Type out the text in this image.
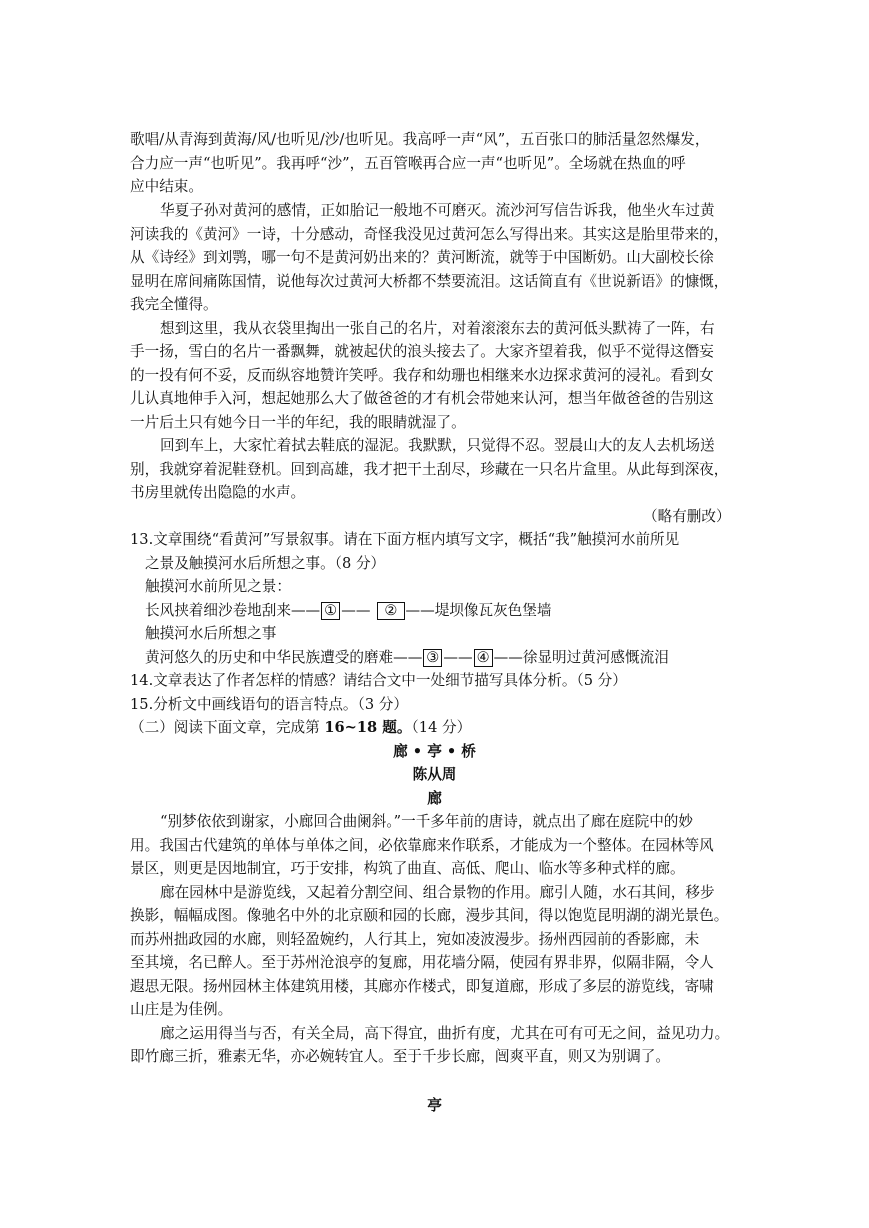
歌唱/从青海到黄海/风/也听见/沙/也听见。我高呼一声“风”，五百张口的肺活量忽然爆发，
合力应一声“也听见”。我再呼“沙”，五百管喉再合应一声“也听见”。全场就在热血的呼
应中结束。
华夏子孙对黄河的感情，正如胎记一般地不可磨灭。流沙河写信告诉我，他坐火车过黄
河读我的《黄河》一诗，十分感动，奇怪我没见过黄河怎么写得出来。其实这是胎里带来的，
从《诗经》到刘鹗，哪一句不是黄河奶出来的？黄河断流，就等于中国断奶。山大副校长徐
显明在席间痛陈国情，说他每次过黄河大桥都不禁要流泪。这话简直有《世说新语》的慷慨，
我完全懂得。
想到这里，我从衣袋里掏出一张自己的名片，对着滚滚东去的黄河低头默祷了一阵，右
手一扬，雪白的名片一番飘舞，就被起伏的浪头接去了。大家齐望着我，似乎不觉得这僭妄
的一投有何不妥，反而纵容地赞许笑呼。我存和幼珊也相继来水边探求黄河的浸礼。看到女
儿认真地伸手入河，想起她那么大了做爸爸的才有机会带她来认河，想当年做爸爸的告别这
一片后土只有她今日一半的年纪，我的眼睛就湿了。
回到车上，大家忙着拭去鞋底的湿泥。我默默，只觉得不忍。翌晨山大的友人去机场送
别，我就穿着泥鞋登机。回到高雄，我才把干土刮尽，珍藏在一只名片盒里。从此每到深夜，
书房里就传出隐隐的水声。
（略有删改）
13.文章围绕“看黄河”写景叙事。请在下面方框内填写文字，概括“我”触摸河水前所见
之景及触摸河水后所想之事。（8 分）
触摸河水前所见之景：
长风挟着细沙卷地刮来—— ① —— ② ——堤坝像瓦灰色堡墙
触摸河水后所想之事
黄河悠久的历史和中华民族遭受的磨难—— ③ —— ④ ——徐显明过黄河感慨流泪
14.文章表达了作者怎样的情感？请结合文中一处细节描写具体分析。（5 分）
15.分析文中画线语句的语言特点。（3 分）
（二）阅读下面文章，完成第 16~18 题。（14 分）
廊 • 亭 • 桥
陈从周
廊
“别梦依依到谢家，小廊回合曲阑斜。”一千多年前的唐诗，就点出了廊在庭院中的妙
用。我国古代建筑的单体与单体之间，必依靠廊来作联系，才能成为一个整体。在园林等风
景区，则更是因地制宜，巧于安排，构筑了曲直、高低、爬山、临水等多种式样的廊。
廊在园林中是游览线，又起着分割空间、组合景物的作用。廊引人随，水石其间，移步
换影，幅幅成图。像驰名中外的北京颐和园的长廊，漫步其间，得以饱览昆明湖的湖光景色。
而苏州拙政园的水廊，则轻盈婉约，人行其上，宛如凌波漫步。扬州西园前的香影廊，未
至其境，名已醉人。至于苏州沧浪亭的复廊，用花墙分隔，使园有界非界，似隔非隔，令人
遐思无限。扬州园林主体建筑用楼，其廊亦作楼式，即复道廊，形成了多层的游览线，寄啸
山庄是为佳例。
廊之运用得当与否，有关全局，高下得宜，曲折有度，尤其在可有可无之间，益见功力。
即竹廊三折，雅素无华，亦必婉转宜人。至于千步长廊，闿爽平直，则又为别调了。
亭
